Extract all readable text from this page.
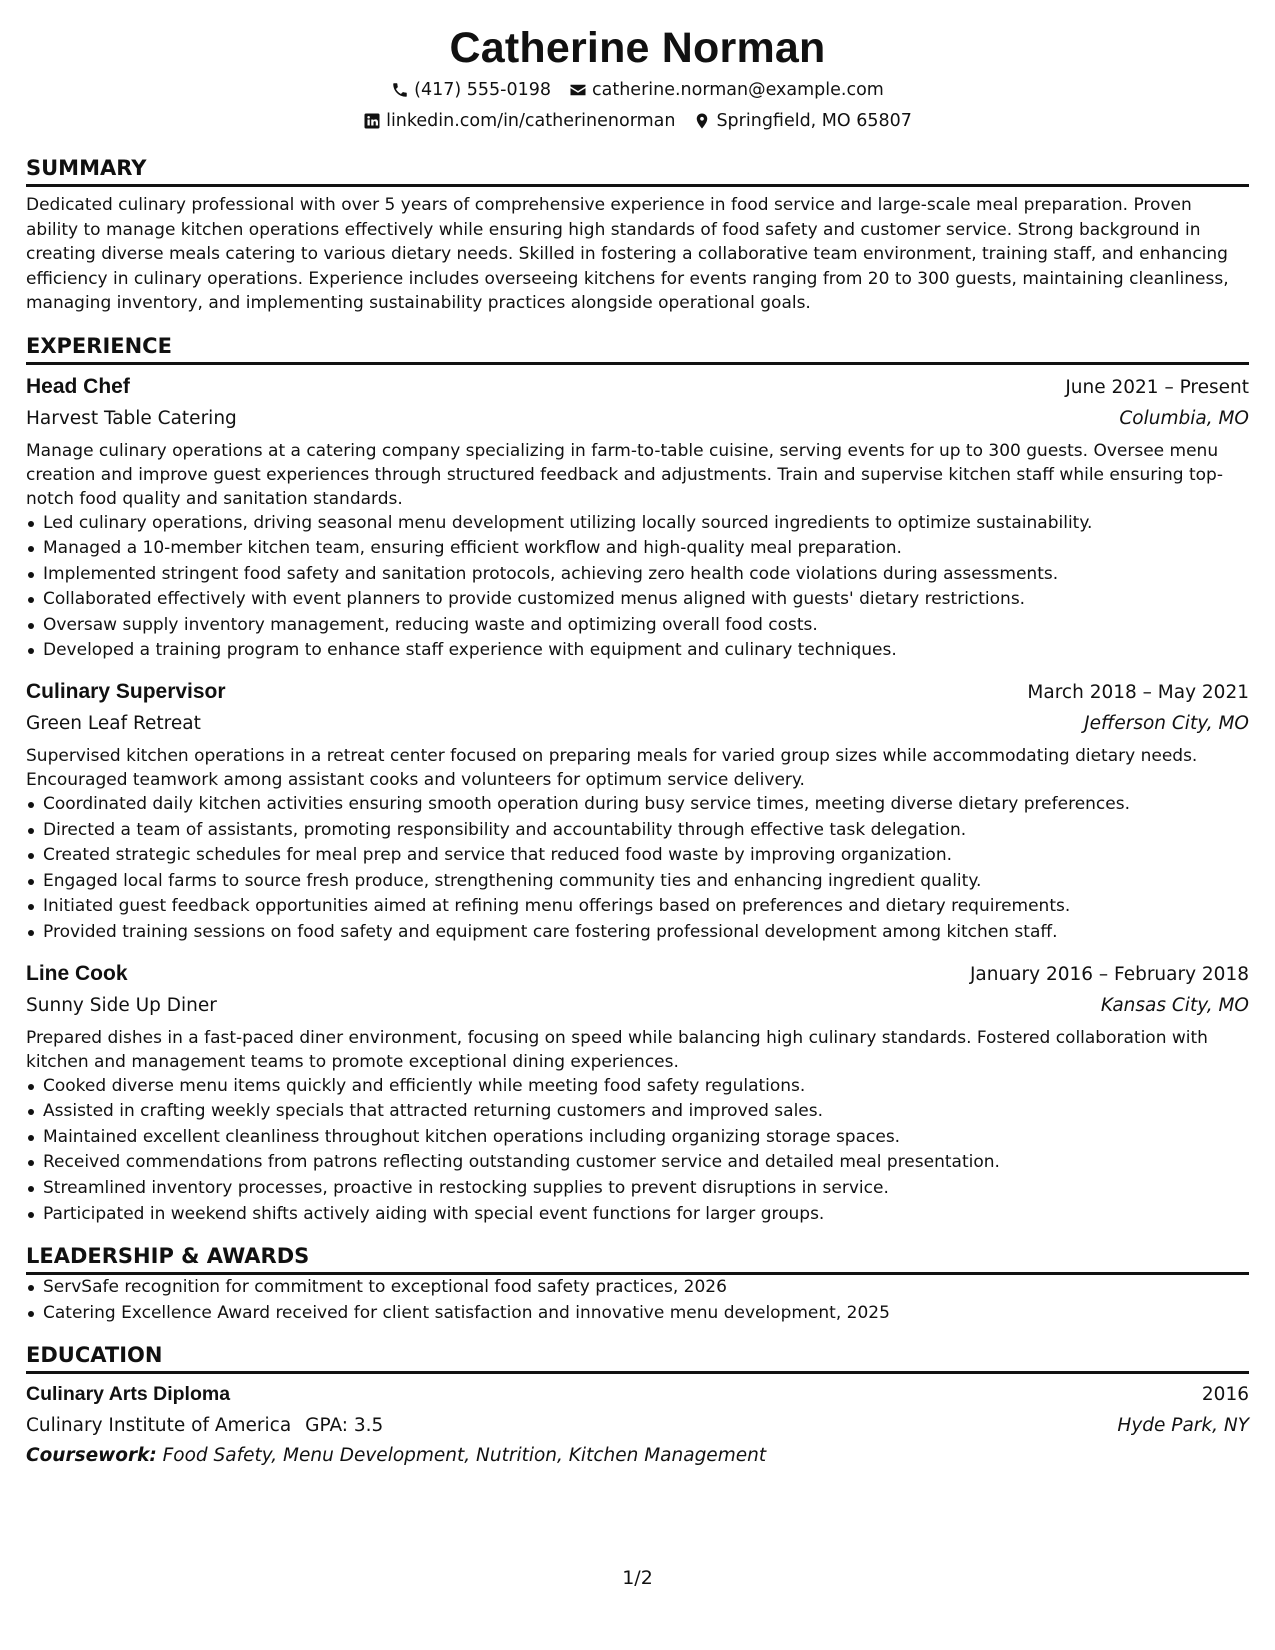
Catherine Norman
(417) 555-0198 catherine.norman@example.com
linkedin.com/in/catherinenorman Springfield, MO 65807
SUMMARY
Dedicated culinary professional with over 5 years of comprehensive experience in food service and large-scale meal preparation. Proven ability to manage kitchen operations effectively while ensuring high standards of food safety and customer service. Strong background in creating diverse meals catering to various dietary needs. Skilled in fostering a collaborative team environment, training staff, and enhancing efficiency in culinary operations. Experience includes overseeing kitchens for events ranging from 20 to 300 guests, maintaining cleanliness, managing inventory, and implementing sustainability practices alongside operational goals.
EXPERIENCE
Head Chef	June 2021 – Present
Harvest Table Catering	Columbia, MO
Manage culinary operations at a catering company specializing in farm-to-table cuisine, serving events for up to 300 guests. Oversee menu creation and improve guest experiences through structured feedback and adjustments. Train and supervise kitchen staff while ensuring top-notch food quality and sanitation standards.
Led culinary operations, driving seasonal menu development utilizing locally sourced ingredients to optimize sustainability.
Managed a 10-member kitchen team, ensuring efficient workflow and high-quality meal preparation.
Implemented stringent food safety and sanitation protocols, achieving zero health code violations during assessments.
Collaborated effectively with event planners to provide customized menus aligned with guests' dietary restrictions.
Oversaw supply inventory management, reducing waste and optimizing overall food costs.
Developed a training program to enhance staff experience with equipment and culinary techniques.
Culinary Supervisor	March 2018 – May 2021
Green Leaf Retreat	Jefferson City, MO
Supervised kitchen operations in a retreat center focused on preparing meals for varied group sizes while accommodating dietary needs. Encouraged teamwork among assistant cooks and volunteers for optimum service delivery.
Coordinated daily kitchen activities ensuring smooth operation during busy service times, meeting diverse dietary preferences.
Directed a team of assistants, promoting responsibility and accountability through effective task delegation.
Created strategic schedules for meal prep and service that reduced food waste by improving organization.
Engaged local farms to source fresh produce, strengthening community ties and enhancing ingredient quality.
Initiated guest feedback opportunities aimed at refining menu offerings based on preferences and dietary requirements.
Provided training sessions on food safety and equipment care fostering professional development among kitchen staff.
Line Cook	January 2016 – February 2018
Sunny Side Up Diner	Kansas City, MO
Prepared dishes in a fast-paced diner environment, focusing on speed while balancing high culinary standards. Fostered collaboration with kitchen and management teams to promote exceptional dining experiences.
Cooked diverse menu items quickly and efficiently while meeting food safety regulations.
Assisted in crafting weekly specials that attracted returning customers and improved sales.
Maintained excellent cleanliness throughout kitchen operations including organizing storage spaces.
Received commendations from patrons reflecting outstanding customer service and detailed meal presentation.
Streamlined inventory processes, proactive in restocking supplies to prevent disruptions in service.
Participated in weekend shifts actively aiding with special event functions for larger groups.
LEADERSHIP & AWARDS
ServSafe recognition for commitment to exceptional food safety practices, 2026
Catering Excellence Award received for client satisfaction and innovative menu development, 2025
EDUCATION
Culinary Arts Diploma	2016
Culinary Institute of America GPA: 3.5	Hyde Park, NY
Coursework: Food Safety, Menu Development, Nutrition, Kitchen Management
1/2
